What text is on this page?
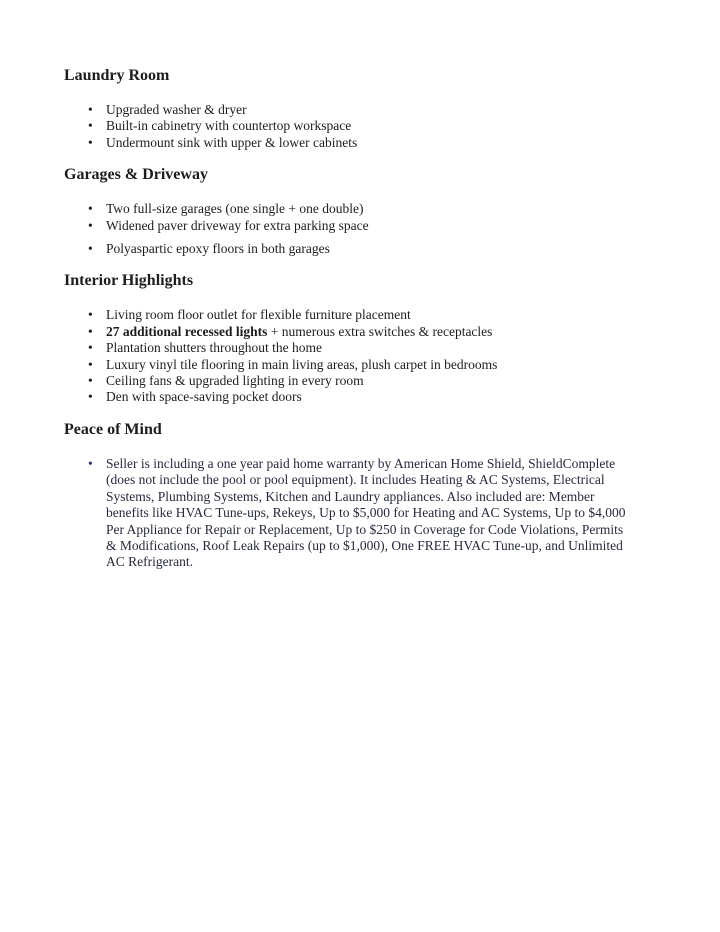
Laundry Room
• Upgraded washer & dryer
• Built-in cabinetry with countertop workspace
• Undermount sink with upper & lower cabinets
Garages & Driveway
• Two full-size garages (one single + one double)
• Widened paver driveway for extra parking space
• Polyaspartic epoxy floors in both garages
Interior Highlights
• Living room floor outlet for flexible furniture placement
• 27 additional recessed lights + numerous extra switches & receptacles
• Plantation shutters throughout the home
• Luxury vinyl tile flooring in main living areas, plush carpet in bedrooms
• Ceiling fans & upgraded lighting in every room
• Den with space-saving pocket doors
Peace of Mind
• Seller is including a one year paid home warranty by American Home Shield, ShieldComplete
(does not include the pool or pool equipment). It includes Heating & AC Systems, Electrical
Systems, Plumbing Systems, Kitchen and Laundry appliances. Also included are: Member
benefits like HVAC Tune-ups, Rekeys, Up to $5,000 for Heating and AC Systems, Up to $4,000
Per Appliance for Repair or Replacement, Up to $250 in Coverage for Code Violations, Permits
& Modifications, Roof Leak Repairs (up to $1,000), One FREE HVAC Tune-up, and Unlimited
AC Refrigerant.
